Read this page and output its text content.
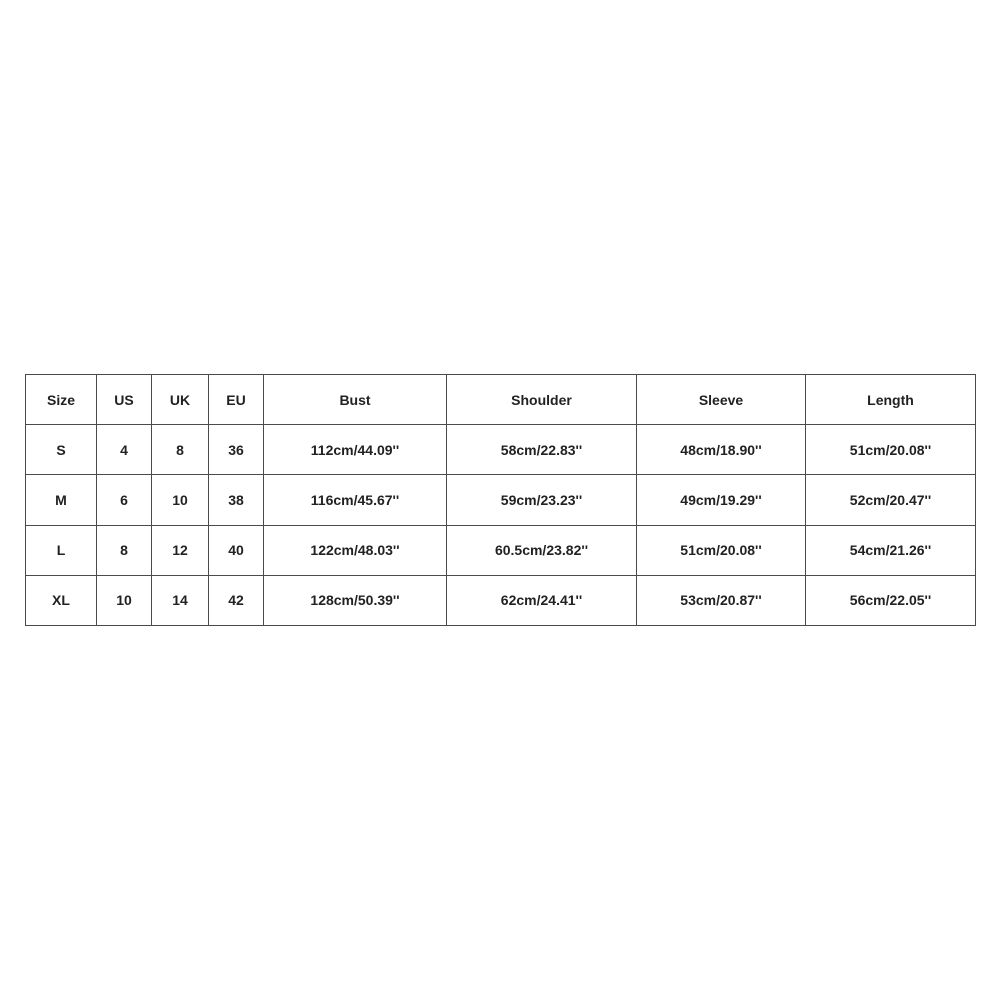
Size	US	UK	EU	Bust	Shoulder	Sleeve	Length
S	4	8	36	112cm/44.09''	58cm/22.83''	48cm/18.90''	51cm/20.08''
M	6	10	38	116cm/45.67''	59cm/23.23''	49cm/19.29''	52cm/20.47''
L	8	12	40	122cm/48.03''	60.5cm/23.82''	51cm/20.08''	54cm/21.26''
XL	10	14	42	128cm/50.39''	62cm/24.41''	53cm/20.87''	56cm/22.05''
